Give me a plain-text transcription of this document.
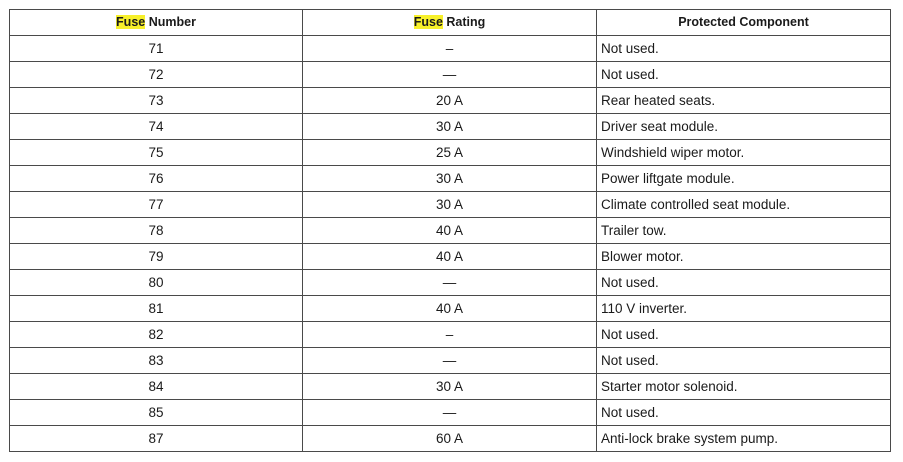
Fuse Number	Fuse Rating	Protected Component
71	–	Not used.
72	—	Not used.
73	20 A	Rear heated seats.
74	30 A	Driver seat module.
75	25 A	Windshield wiper motor.
76	30 A	Power liftgate module.
77	30 A	Climate controlled seat module.
78	40 A	Trailer tow.
79	40 A	Blower motor.
80	—	Not used.
81	40 A	110 V inverter.
82	–	Not used.
83	—	Not used.
84	30 A	Starter motor solenoid.
85	—	Not used.
87	60 A	Anti-lock brake system pump.
